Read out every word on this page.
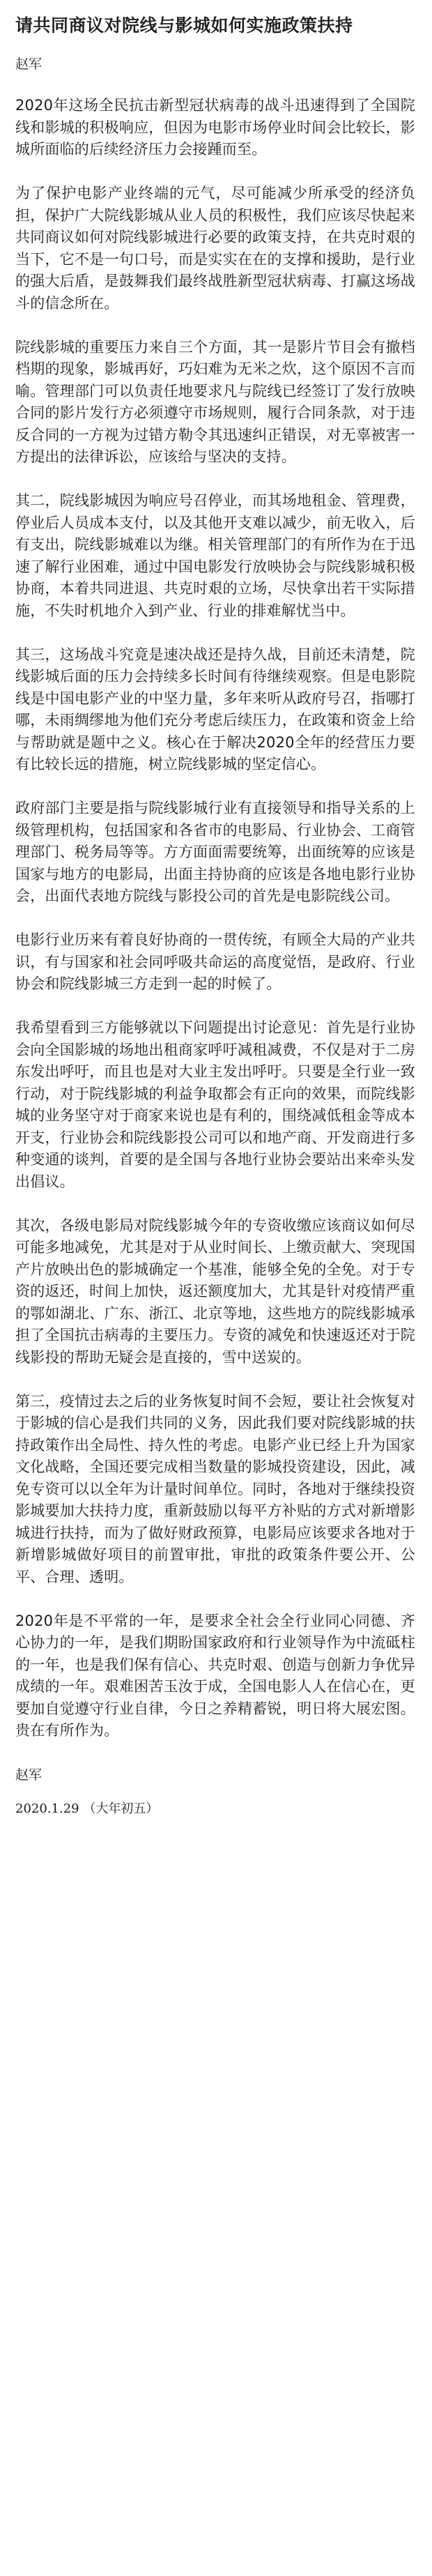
请共同商议对院线与影城如何实施政策扶持
赵军

2020年这场全民抗击新型冠状病毒的战斗迅速得到了全国院线和影城的积极响应，但因为电影市场停业时间会比较长，影城所面临的后续经济压力会接踵而至。

为了保护电影产业终端的元气，尽可能减少所承受的经济负担，保护广大院线影城从业人员的积极性，我们应该尽快起来共同商议如何对院线影城进行必要的政策支持，在共克时艰的当下，它不是一句口号，而是实实在在的支撑和援助，是行业的强大后盾，是鼓舞我们最终战胜新型冠状病毒、打赢这场战斗的信念所在。

院线影城的重要压力来自三个方面，其一是影片节目会有撤档档期的现象，影城再好，巧妇难为无米之炊，这个原因不言而喻。管理部门可以负责任地要求凡与院线已经签订了发行放映合同的影片发行方必须遵守市场规则，履行合同条款，对于违反合同的一方视为过错方勒令其迅速纠正错误，对无辜被害一方提出的法律诉讼，应该给与坚决的支持。

其二，院线影城因为响应号召停业，而其场地租金、管理费，停业后人员成本支付，以及其他开支难以减少，前无收入，后有支出，院线影城难以为继。相关管理部门的有所作为在于迅速了解行业困难，通过中国电影发行放映协会与院线影城积极协商，本着共同进退、共克时艰的立场，尽快拿出若干实际措施，不失时机地介入到产业、行业的排难解忧当中。

其三，这场战斗究竟是速决战还是持久战，目前还未清楚，院线影城后面的压力会持续多长时间有待继续观察。但是电影院线是中国电影产业的中坚力量，多年来听从政府号召，指哪打哪，未雨绸缪地为他们充分考虑后续压力，在政策和资金上给与帮助就是题中之义。核心在于解决2020全年的经营压力要有比较长远的措施，树立院线影城的坚定信心。

政府部门主要是指与院线影城行业有直接领导和指导关系的上级管理机构，包括国家和各省市的电影局、行业协会、工商管理部门、税务局等等。方方面面需要统筹，出面统筹的应该是国家与地方的电影局，出面主持协商的应该是各地电影行业协会，出面代表地方院线与影投公司的首先是电影院线公司。

电影行业历来有着良好协商的一贯传统，有顾全大局的产业共识，有与国家和社会同呼吸共命运的高度觉悟，是政府、行业协会和院线影城三方走到一起的时候了。

我希望看到三方能够就以下问题提出讨论意见：首先是行业协会向全国影城的场地出租商家呼吁减租减费，不仅是对于二房东发出呼吁，而且也是对大业主发出呼吁。只要是全行业一致行动，对于院线影城的利益争取都会有正向的效果，而院线影城的业务坚守对于商家来说也是有利的，围绕减低租金等成本开支，行业协会和院线影投公司可以和地产商、开发商进行多种变通的谈判，首要的是全国与各地行业协会要站出来牵头发出倡议。

其次，各级电影局对院线影城今年的专资收缴应该商议如何尽可能多地减免，尤其是对于从业时间长、上缴贡献大、突现国产片放映出色的影城确定一个基准，能够全免的全免。对于专资的返还，时间上加快，返还额度加大，尤其是针对疫情严重的鄂如湖北、广东、浙江、北京等地，这些地方的院线影城承担了全国抗击病毒的主要压力。专资的减免和快速返还对于院线影投的帮助无疑会是直接的，雪中送炭的。

第三，疫情过去之后的业务恢复时间不会短，要让社会恢复对于影城的信心是我们共同的义务，因此我们要对院线影城的扶持政策作出全局性、持久性的考虑。电影产业已经上升为国家文化战略，全国还要完成相当数量的影城投资建设，因此，减免专资可以以全年为计量时间单位。同时，各地对于继续投资影城要加大扶持力度，重新鼓励以每平方补贴的方式对新增影城进行扶持，而为了做好财政预算，电影局应该要求各地对于新增影城做好项目的前置审批，审批的政策条件要公开、公平、合理、透明。

2020年是不平常的一年，是要求全社会全行业同心同德、齐心协力的一年，是我们期盼国家政府和行业领导作为中流砥柱的一年，也是我们保有信心、共克时艰、创造与创新力争优异成绩的一年。艰难困苦玉汝于成，全国电影人人在信心在，更要加自觉遵守行业自律，今日之养精蓄锐，明日将大展宏图。贵在有所作为。

赵军
2020.1.29 （大年初五）
